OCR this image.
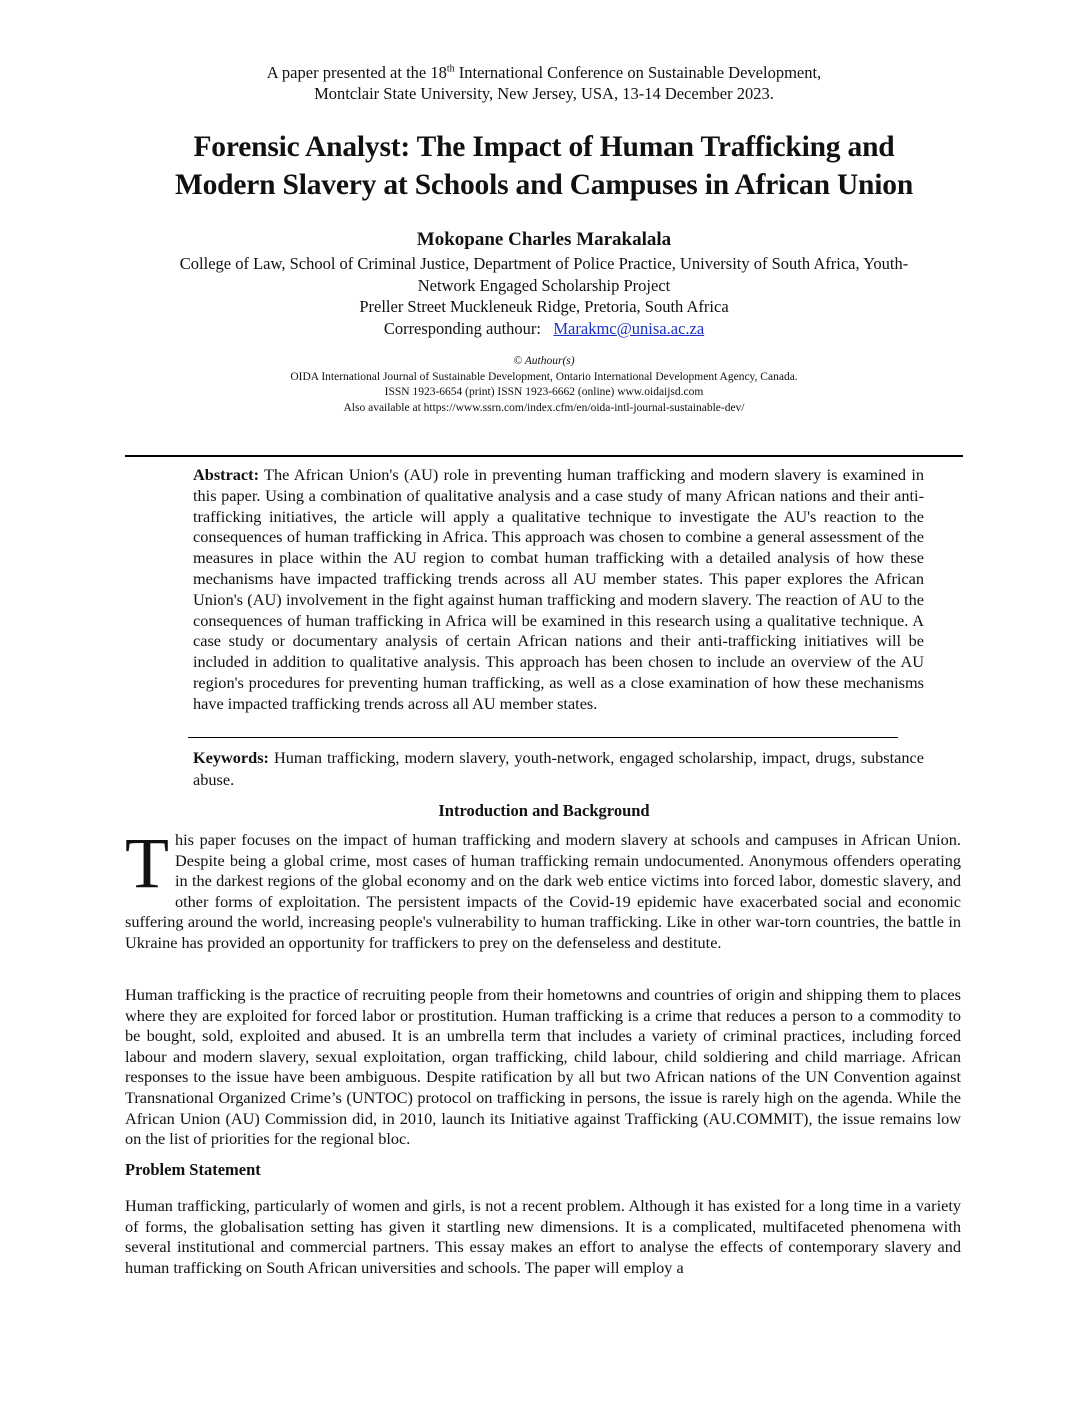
A paper presented at the 18th International Conference on Sustainable Development,
Montclair State University, New Jersey, USA, 13-14 December 2023.
Forensic Analyst: The Impact of Human Trafficking and
Modern Slavery at Schools and Campuses in African Union
Mokopane Charles Marakalala
College of Law, School of Criminal Justice, Department of Police Practice, University of South Africa, Youth-
Network Engaged Scholarship Project
Preller Street Muckleneuk Ridge, Pretoria, South Africa
Corresponding authour: Marakmc@unisa.ac.za
© Authour(s)
OIDA International Journal of Sustainable Development, Ontario International Development Agency, Canada.
ISSN 1923-6654 (print) ISSN 1923-6662 (online) www.oidaijsd.com
Also available at https://www.ssrn.com/index.cfm/en/oida-intl-journal-sustainable-dev/

Abstract: The African Union's (AU) role in preventing human trafficking and modern slavery is examined in this paper. Using a combination of qualitative analysis and a case study of many African nations and their anti-trafficking initiatives, the article will apply a qualitative technique to investigate the AU's reaction to the consequences of human trafficking in Africa. This approach was chosen to combine a general assessment of the measures in place within the AU region to combat human trafficking with a detailed analysis of how these mechanisms have impacted trafficking trends across all AU member states. This paper explores the African Union's (AU) involvement in the fight against human trafficking and modern slavery. The reaction of AU to the consequences of human trafficking in Africa will be examined in this research using a qualitative technique. A case study or documentary analysis of certain African nations and their anti-trafficking initiatives will be included in addition to qualitative analysis. This approach has been chosen to include an overview of the AU region's procedures for preventing human trafficking, as well as a close examination of how these mechanisms have impacted trafficking trends across all AU member states.

Keywords: Human trafficking, modern slavery, youth-network, engaged scholarship, impact, drugs, substance abuse.

Introduction and Background

This paper focuses on the impact of human trafficking and modern slavery at schools and campuses in African Union. Despite being a global crime, most cases of human trafficking remain undocumented. Anonymous offenders operating in the darkest regions of the global economy and on the dark web entice victims into forced labor, domestic slavery, and other forms of exploitation. The persistent impacts of the Covid-19 epidemic have exacerbated social and economic suffering around the world, increasing people's vulnerability to human trafficking. Like in other war-torn countries, the battle in Ukraine has provided an opportunity for traffickers to prey on the defenseless and destitute.

Human trafficking is the practice of recruiting people from their hometowns and countries of origin and shipping them to places where they are exploited for forced labor or prostitution. Human trafficking is a crime that reduces a person to a commodity to be bought, sold, exploited and abused. It is an umbrella term that includes a variety of criminal practices, including forced labour and modern slavery, sexual exploitation, organ trafficking, child labour, child soldiering and child marriage. African responses to the issue have been ambiguous. Despite ratification by all but two African nations of the UN Convention against Transnational Organized Crime’s (UNTOC) protocol on trafficking in persons, the issue is rarely high on the agenda. While the African Union (AU) Commission did, in 2010, launch its Initiative against Trafficking (AU.COMMIT), the issue remains low on the list of priorities for the regional bloc.

Problem Statement

Human trafficking, particularly of women and girls, is not a recent problem. Although it has existed for a long time in a variety of forms, the globalisation setting has given it startling new dimensions. It is a complicated, multifaceted phenomena with several institutional and commercial partners. This essay makes an effort to analyse the effects of contemporary slavery and human trafficking on South African universities and schools. The paper will employ a
